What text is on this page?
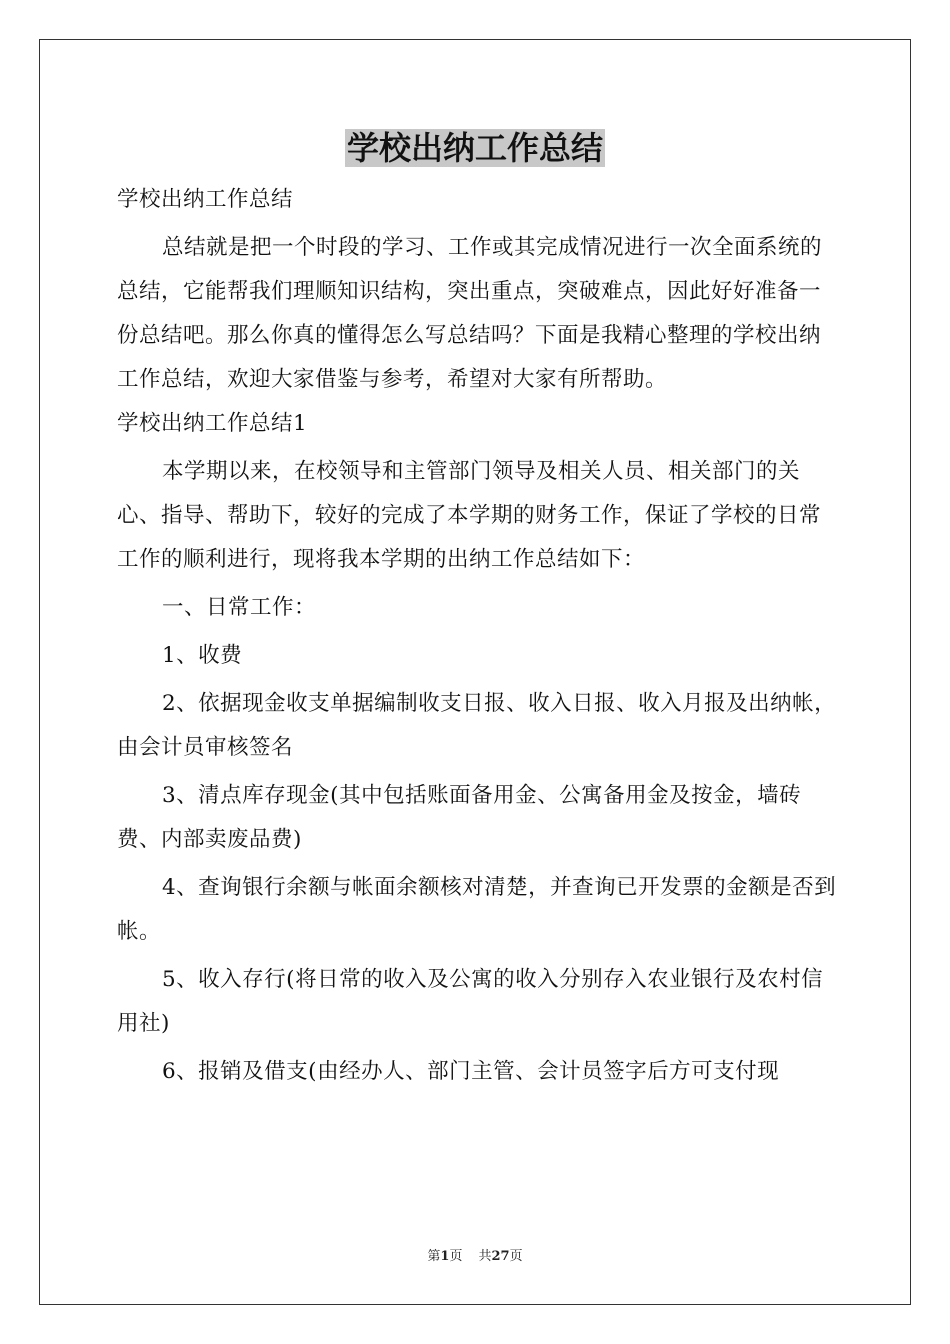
学校出纳工作总结

学校出纳工作总结

总结就是把一个时段的学习、工作或其完成情况进行一次全面系统的总结，它能帮我们理顺知识结构，突出重点，突破难点，因此好好准备一份总结吧。那么你真的懂得怎么写总结吗？下面是我精心整理的学校出纳工作总结，欢迎大家借鉴与参考，希望对大家有所帮助。

学校出纳工作总结1

本学期以来，在校领导和主管部门领导及相关人员、相关部门的关心、指导、帮助下，较好的完成了本学期的财务工作，保证了学校的日常工作的顺利进行，现将我本学期的出纳工作总结如下：

一、日常工作：

1、收费

2、依据现金收支单据编制收支日报、收入日报、收入月报及出纳帐，由会计员审核签名

3、清点库存现金(其中包括账面备用金、公寓备用金及按金，墙砖费、内部卖废品费)

4、查询银行余额与帐面余额核对清楚，并查询已开发票的金额是否到帐。

5、收入存行(将日常的收入及公寓的收入分别存入农业银行及农村信用社)

6、报销及借支(由经办人、部门主管、会计员签字后方可支付现

第1页 共27页
